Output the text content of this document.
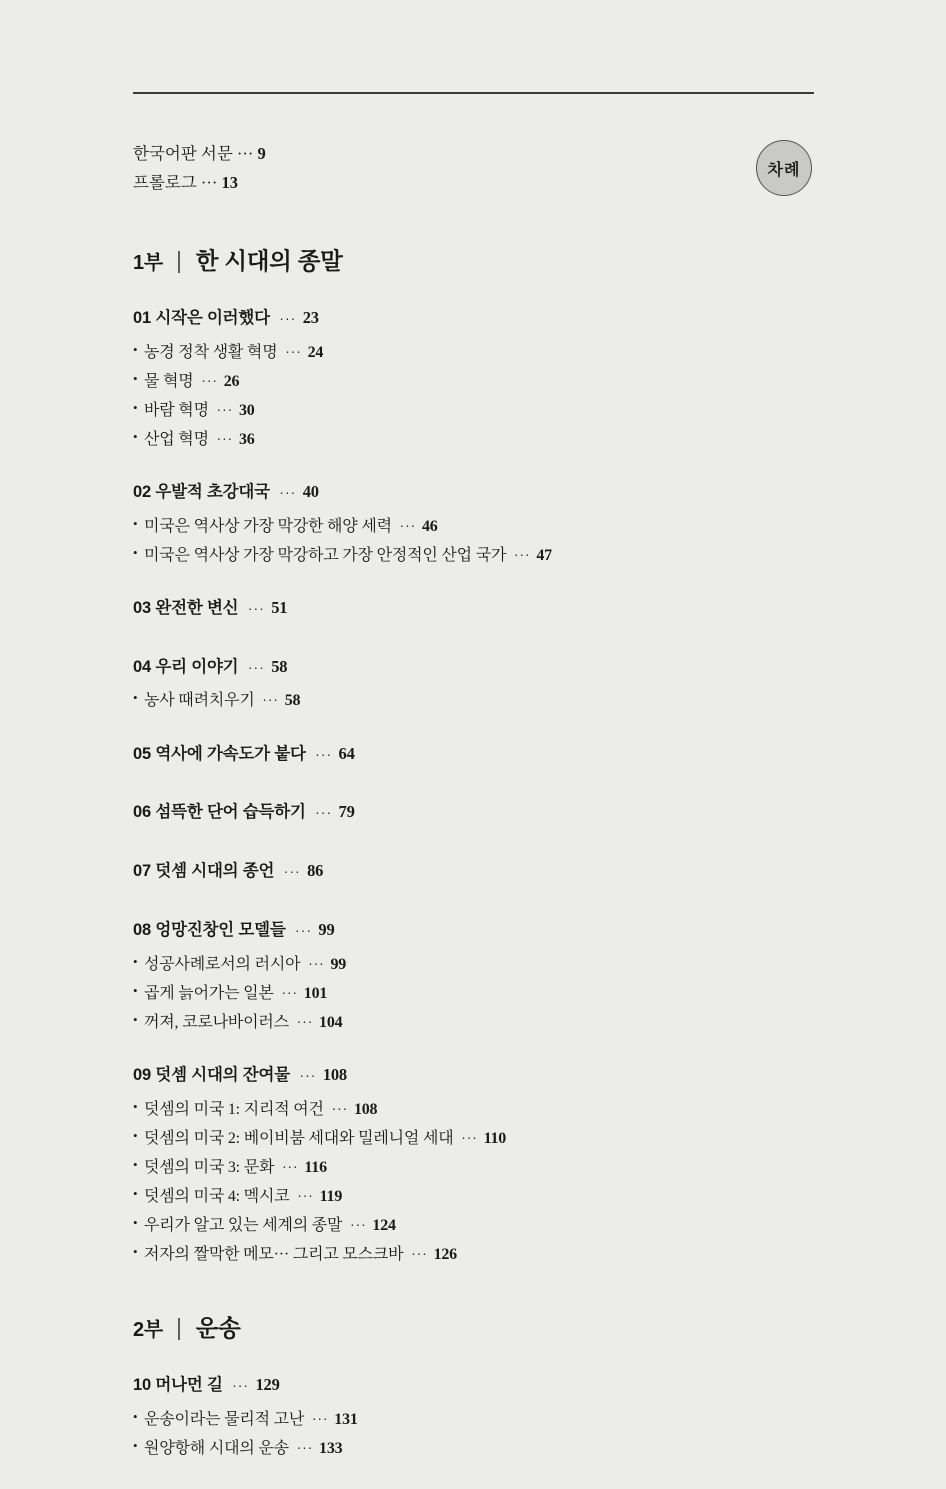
차례
한국어판 서문 ··· 9
프롤로그 ··· 13
1부 | 한 시대의 종말
01 시작은 이러했다 ··· 23
• 농경 정착 생활 혁명 ··· 24
• 물 혁명 ··· 26
• 바람 혁명 ··· 30
• 산업 혁명 ··· 36
02 우발적 초강대국 ··· 40
• 미국은 역사상 가장 막강한 해양 세력 ··· 46
• 미국은 역사상 가장 막강하고 가장 안정적인 산업 국가 ··· 47
03 완전한 변신 ··· 51
04 우리 이야기 ··· 58
• 농사 때려치우기 ··· 58
05 역사에 가속도가 붙다 ··· 64
06 섬뜩한 단어 습득하기 ··· 79
07 덧셈 시대의 종언 ··· 86
08 엉망진창인 모델들 ··· 99
• 성공사례로서의 러시아 ··· 99
• 곱게 늙어가는 일본 ··· 101
• 꺼져, 코로나바이러스 ··· 104
09 덧셈 시대의 잔여물 ··· 108
• 덧셈의 미국 1: 지리적 여건 ··· 108
• 덧셈의 미국 2: 베이비붐 세대와 밀레니얼 세대 ··· 110
• 덧셈의 미국 3: 문화 ··· 116
• 덧셈의 미국 4: 멕시코 ··· 119
• 우리가 알고 있는 세계의 종말 ··· 124
• 저자의 짤막한 메모··· 그리고 모스크바 ··· 126
2부 | 운송
10 머나먼 길 ··· 129
• 운송이라는 물리적 고난 ··· 131
• 원양항해 시대의 운송 ··· 133
